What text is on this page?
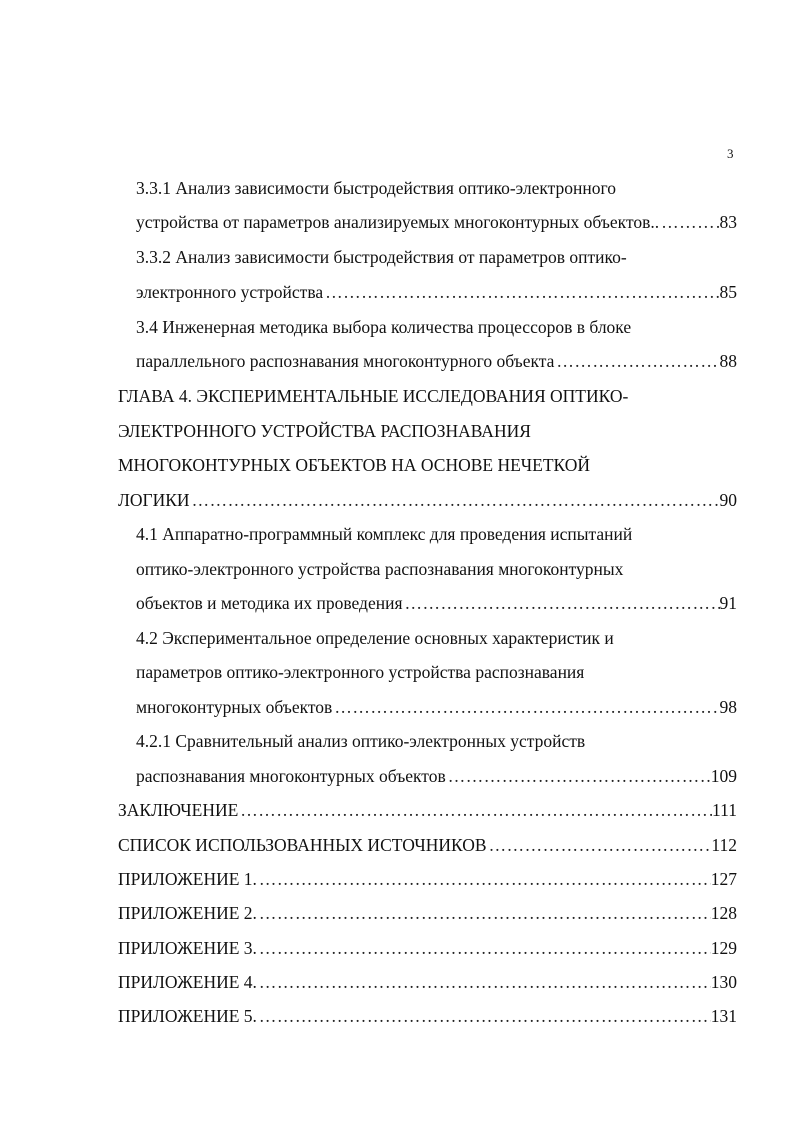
3
3.3.1 Анализ зависимости быстродействия оптико-электронного
устройства от параметров анализируемых многоконтурных объектов.. …………………………………………………………………………………………………………………………………………………………………………………………	83
3.3.2 Анализ зависимости быстродействия от параметров оптико-
электронного устройства …………………………………………………………………………………………………………………………………………………………………………………………	85
3.4 Инженерная методика выбора количества процессоров в блоке
параллельного распознавания многоконтурного объекта …………………………………………………………………………………………………………………………………………………………………………………………	88
ГЛАВА 4. ЭКСПЕРИМЕНТАЛЬНЫЕ ИССЛЕДОВАНИЯ ОПТИКО-
ЭЛЕКТРОННОГО УСТРОЙСТВА РАСПОЗНАВАНИЯ
МНОГОКОНТУРНЫХ ОБЪЕКТОВ НА ОСНОВЕ НЕЧЕТКОЙ
ЛОГИКИ …………………………………………………………………………………………………………………………………………………………………………………………	90
4.1 Аппаратно-программный комплекс для проведения испытаний
оптико-электронного устройства распознавания многоконтурных
объектов и методика их проведения …………………………………………………………………………………………………………………………………………………………………………………………	91
4.2 Экспериментальное определение основных характеристик и
параметров оптико-электронного устройства распознавания
многоконтурных объектов …………………………………………………………………………………………………………………………………………………………………………………………	98
4.2.1 Сравнительный анализ оптико-электронных устройств
распознавания многоконтурных объектов …………………………………………………………………………………………………………………………………………………………………………………………	109
ЗАКЛЮЧЕНИЕ …………………………………………………………………………………………………………………………………………………………………………………………	111
СПИСОК ИСПОЛЬЗОВАННЫХ ИСТОЧНИКОВ …………………………………………………………………………………………………………………………………………………………………………………………	112
ПРИЛОЖЕНИЕ 1. …………………………………………………………………………………………………………………………………………………………………………………………	127
ПРИЛОЖЕНИЕ 2. …………………………………………………………………………………………………………………………………………………………………………………………	128
ПРИЛОЖЕНИЕ 3. …………………………………………………………………………………………………………………………………………………………………………………………	129
ПРИЛОЖЕНИЕ 4. …………………………………………………………………………………………………………………………………………………………………………………………	130
ПРИЛОЖЕНИЕ 5. …………………………………………………………………………………………………………………………………………………………………………………………	131
